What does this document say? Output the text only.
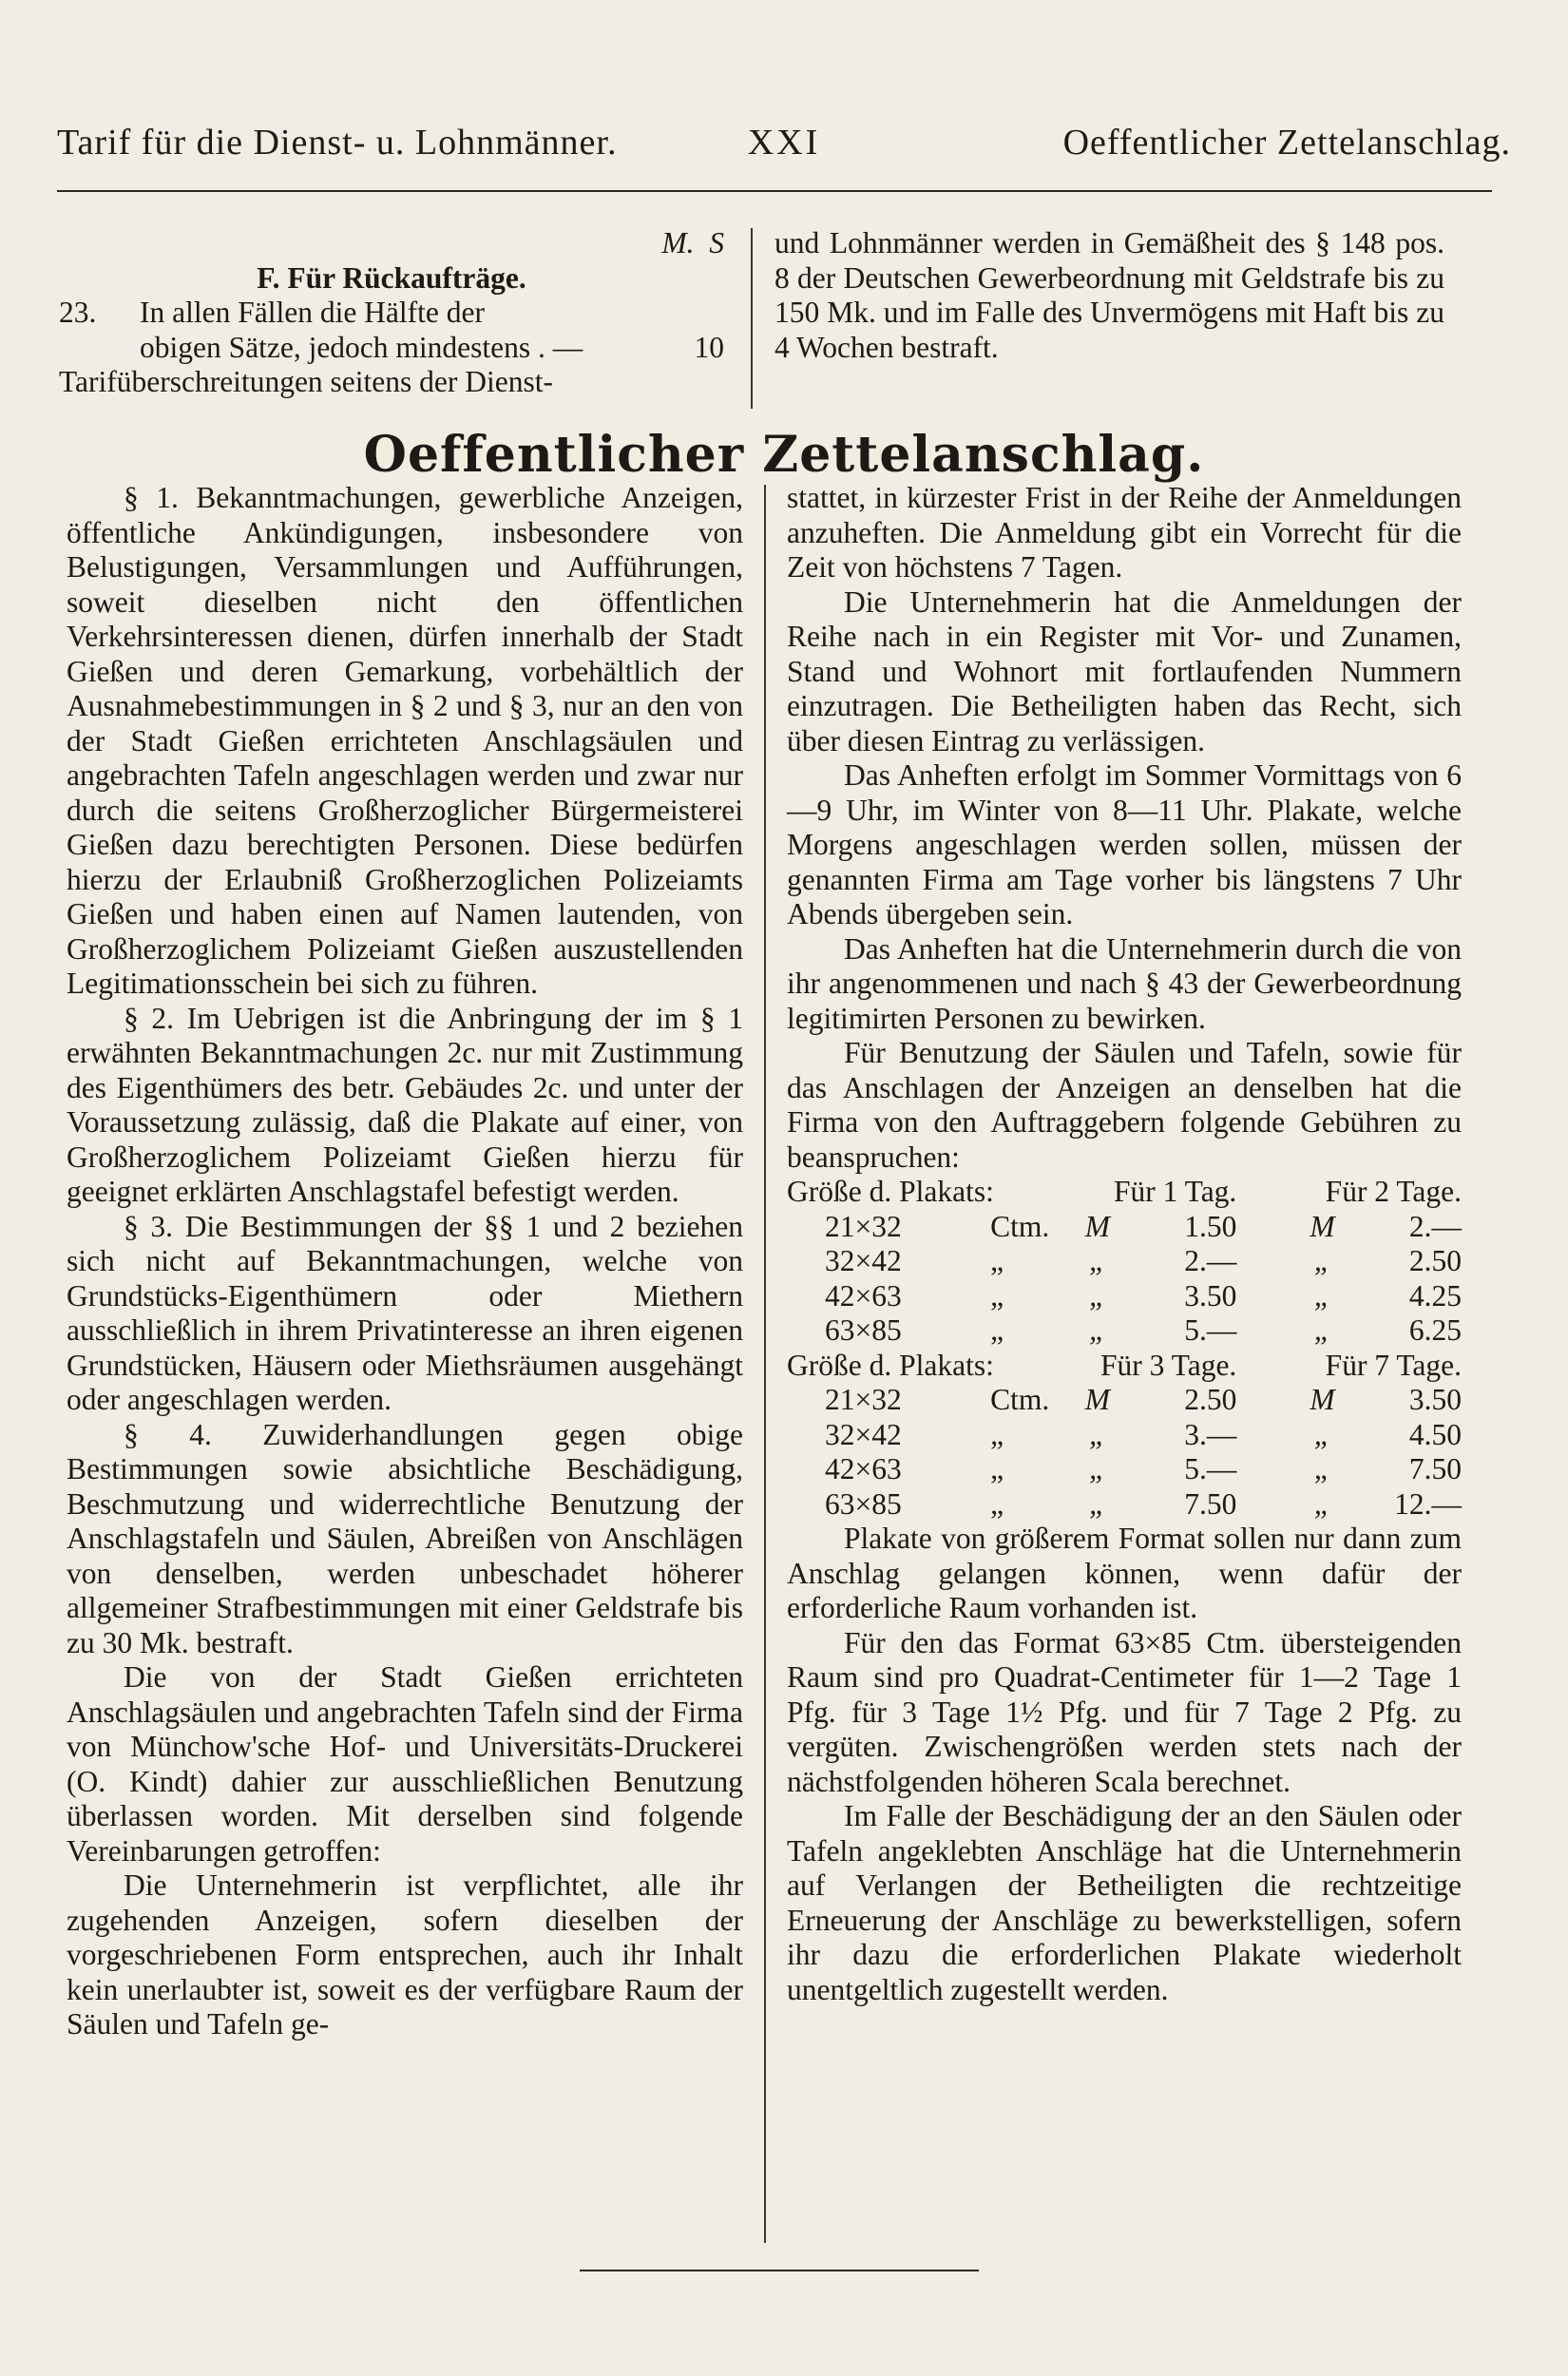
Tarif für die Dienst- u. Lohnmänner.	XXI	Oeffentlicher Zettelanschlag.

M.  S

F. Für Rückaufträge.

23. In allen Fällen die Hälfte der

obigen Sätze, jedoch mindestens . —	10

Tarifüberschreitungen seitens der Dienst-

und Lohnmänner werden in Gemäßheit des § 148 pos. 8 der Deutschen Gewerbeordnung mit Geldstrafe bis zu 150 Mk. und im Falle des Unvermögens mit Haft bis zu 4 Wochen bestraft.

Oeffentlicher Zettelanschlag.

§ 1. Bekanntmachungen, gewerbliche Anzeigen, öffentliche Ankündigungen, insbesondere von Belustigungen, Versammlungen und Aufführungen, soweit dieselben nicht den öffentlichen Verkehrsinteressen dienen, dürfen innerhalb der Stadt Gießen und deren Gemarkung, vorbehältlich der Ausnahmebestimmungen in § 2 und § 3, nur an den von der Stadt Gießen errichteten Anschlagsäulen und angebrachten Tafeln angeschlagen werden und zwar nur durch die seitens Großherzoglicher Bürgermeisterei Gießen dazu berechtigten Personen. Diese bedürfen hierzu der Erlaubniß Großherzoglichen Polizeiamts Gießen und haben einen auf Namen lautenden, von Großherzoglichem Polizeiamt Gießen auszustellenden Legitimationsschein bei sich zu führen.

§ 2. Im Uebrigen ist die Anbringung der im § 1 erwähnten Bekanntmachungen 2c. nur mit Zustimmung des Eigenthümers des betr. Gebäudes 2c. und unter der Voraussetzung zulässig, daß die Plakate auf einer, von Großherzoglichem Polizeiamt Gießen hierzu für geeignet erklärten Anschlagstafel befestigt werden.

§ 3. Die Bestimmungen der §§ 1 und 2 beziehen sich nicht auf Bekanntmachungen, welche von Grundstücks-Eigenthümern oder Miethern ausschließlich in ihrem Privatinteresse an ihren eigenen Grundstücken, Häusern oder Miethsräumen ausgehängt oder angeschlagen werden.

§ 4. Zuwiderhandlungen gegen obige Bestimmungen sowie absichtliche Beschädigung, Beschmutzung und widerrechtliche Benutzung der Anschlagstafeln und Säulen, Abreißen von Anschlägen von denselben, werden unbeschadet höherer allgemeiner Strafbestimmungen mit einer Geldstrafe bis zu 30 Mk. bestraft.

Die von der Stadt Gießen errichteten Anschlagsäulen und angebrachten Tafeln sind der Firma von Münchow'sche Hof- und Universitäts-Druckerei (O. Kindt) dahier zur ausschließlichen Benutzung überlassen worden. Mit derselben sind folgende Vereinbarungen getroffen:

Die Unternehmerin ist verpflichtet, alle ihr zugehenden Anzeigen, sofern dieselben der vorgeschriebenen Form entsprechen, auch ihr Inhalt kein unerlaubter ist, soweit es der verfügbare Raum der Säulen und Tafeln ge-

stattet, in kürzester Frist in der Reihe der Anmeldungen anzuheften. Die Anmeldung gibt ein Vorrecht für die Zeit von höchstens 7 Tagen.

Die Unternehmerin hat die Anmeldungen der Reihe nach in ein Register mit Vor- und Zunamen, Stand und Wohnort mit fortlaufenden Nummern einzutragen. Die Betheiligten haben das Recht, sich über diesen Eintrag zu verlässigen.

Das Anheften erfolgt im Sommer Vormittags von 6—9 Uhr, im Winter von 8—11 Uhr. Plakate, welche Morgens angeschlagen werden sollen, müssen der genannten Firma am Tage vorher bis längstens 7 Uhr Abends übergeben sein.

Das Anheften hat die Unternehmerin durch die von ihr angenommenen und nach § 43 der Gewerbeordnung legitimirten Personen zu bewirken.

Für Benutzung der Säulen und Tafeln, sowie für das Anschlagen der Anzeigen an denselben hat die Firma von den Auftraggebern folgende Gebühren zu beanspruchen:

Größe d. Plakats:		Für 1 Tag.		Für 2 Tage.		
21×32	Ctm.	M	1.50		M	2.—
32×42	„	„	2.—		„	2.50
42×63	„	„	3.50		„	4.25
63×85	„	„	5.—		„	6.25
Größe d. Plakats:		Für 3 Tage.		Für 7 Tage.		
21×32	Ctm.	M	2.50		M	3.50
32×42	„	„	3.—		„	4.50
42×63	„	„	5.—		„	7.50
63×85	„	„	7.50		„	12.—

Plakate von größerem Format sollen nur dann zum Anschlag gelangen können, wenn dafür der erforderliche Raum vorhanden ist.

Für den das Format 63×85 Ctm. übersteigenden Raum sind pro Quadrat-Centimeter für 1—2 Tage 1 Pfg. für 3 Tage 1½ Pfg. und für 7 Tage 2 Pfg. zu vergüten. Zwischengrößen werden stets nach der nächstfolgenden höheren Scala berechnet.

Im Falle der Beschädigung der an den Säulen oder Tafeln angeklebten Anschläge hat die Unternehmerin auf Verlangen der Betheiligten die rechtzeitige Erneuerung der Anschläge zu bewerkstelligen, sofern ihr dazu die erforderlichen Plakate wiederholt unentgeltlich zugestellt werden.
